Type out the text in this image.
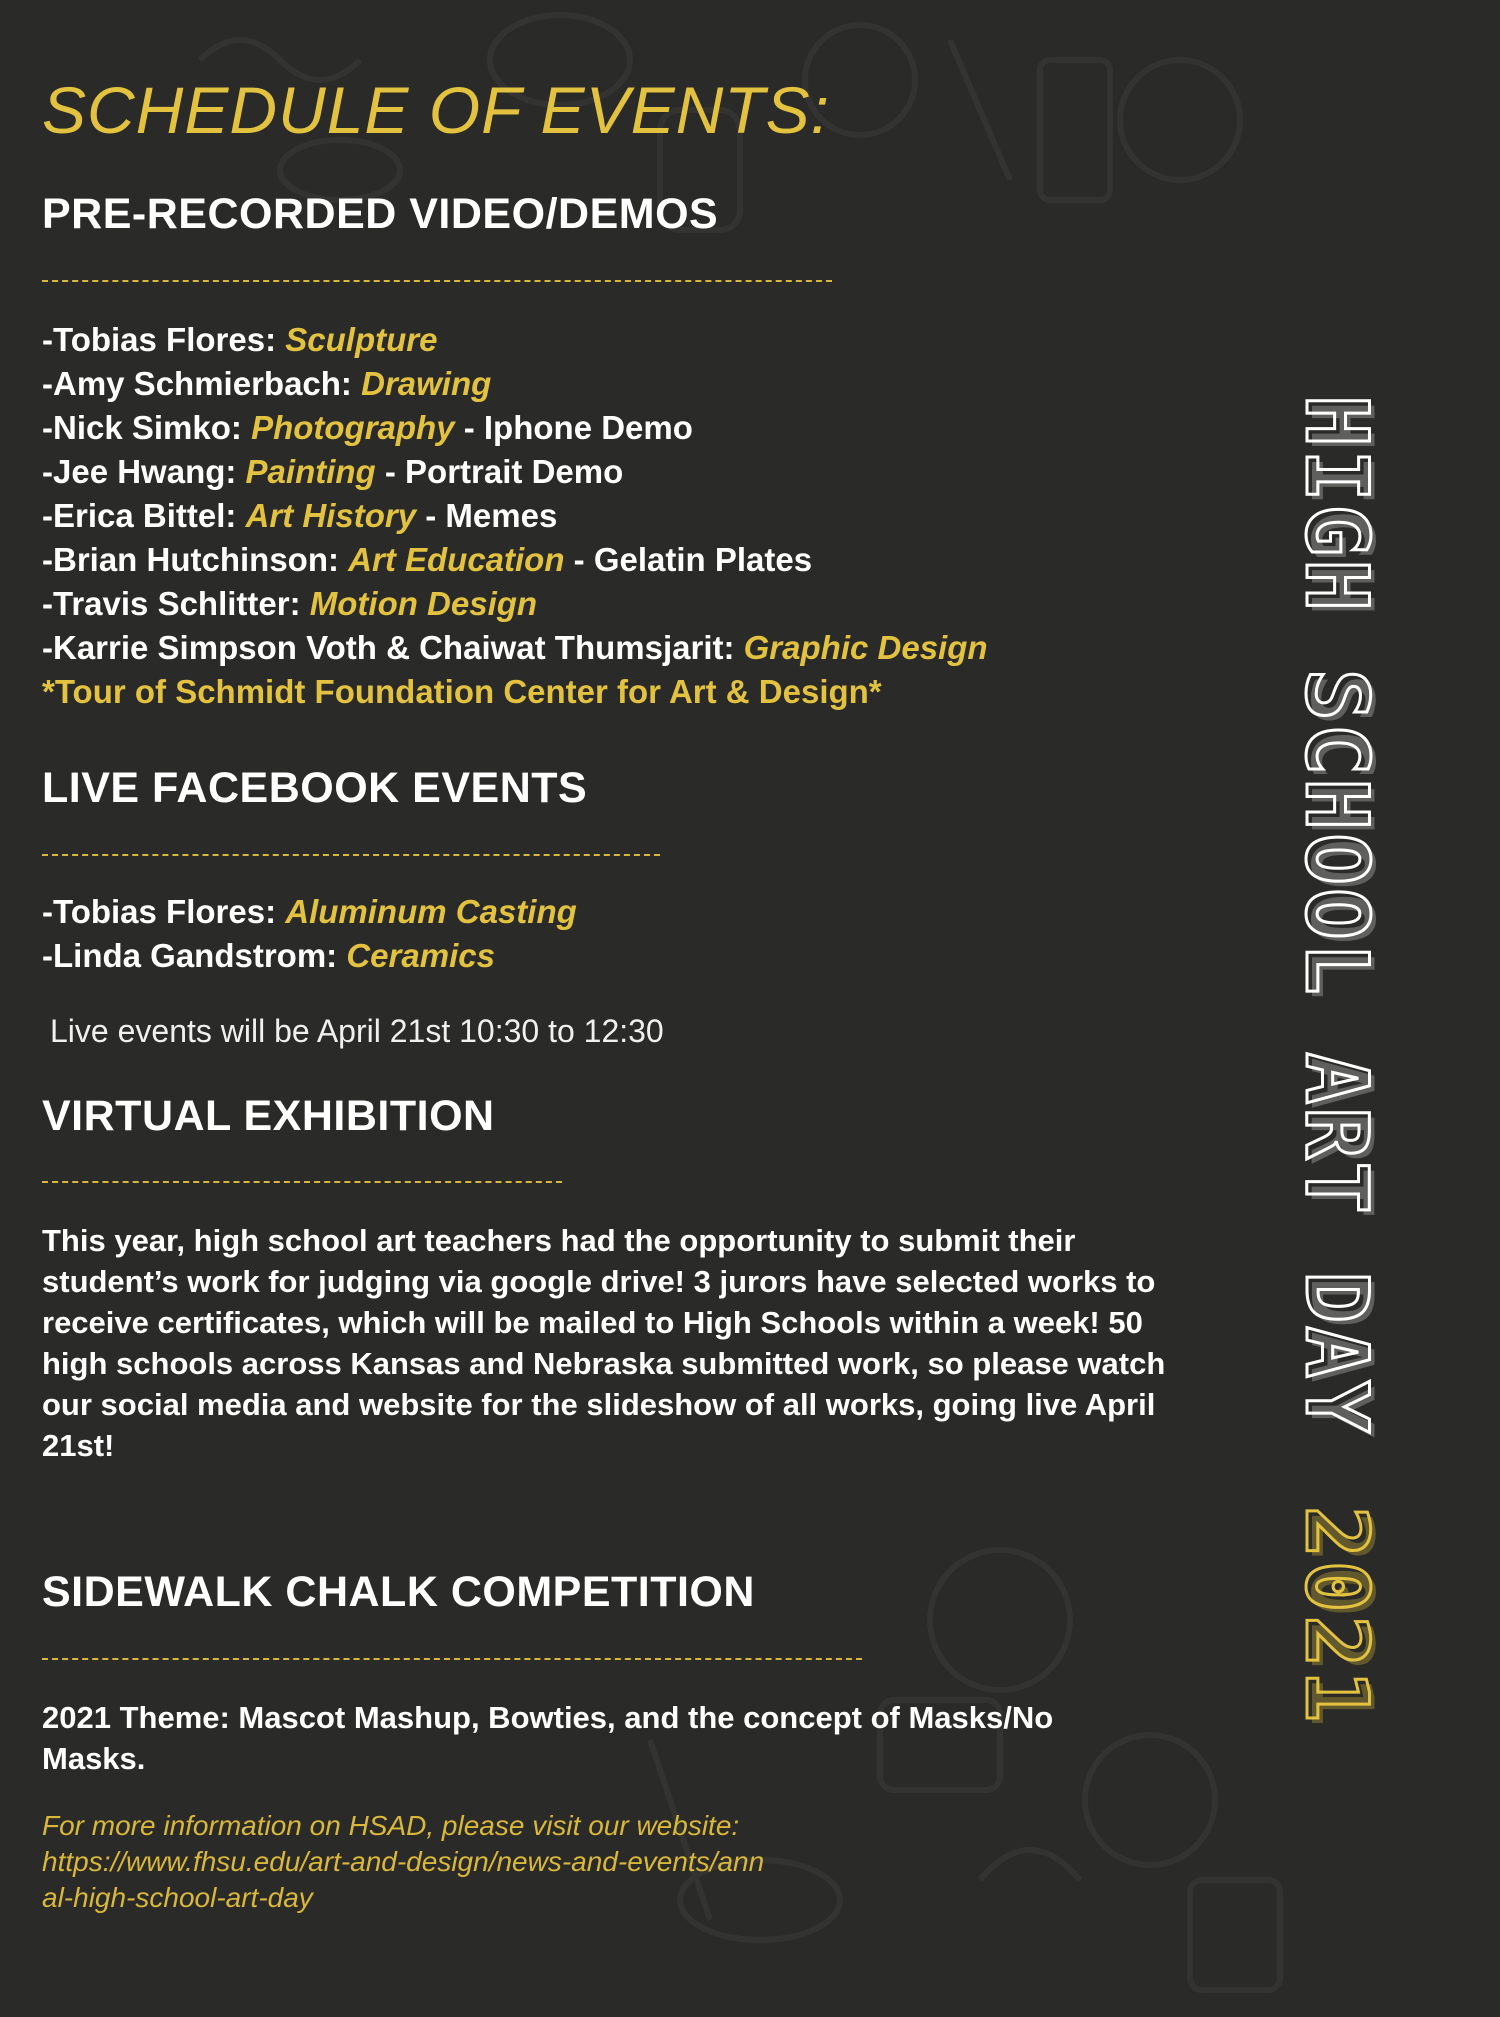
SCHEDULE OF EVENTS:
PRE-RECORDED VIDEO/DEMOS
-Tobias Flores: Sculpture
-Amy Schmierbach: Drawing
-Nick Simko: Photography - Iphone Demo
-Jee Hwang: Painting - Portrait Demo
-Erica Bittel: Art History - Memes
-Brian Hutchinson: Art Education - Gelatin Plates
-Travis Schlitter: Motion Design
-Karrie Simpson Voth & Chaiwat Thumsjarit: Graphic Design
*Tour of Schmidt Foundation Center for Art & Design*
LIVE FACEBOOK EVENTS
-Tobias Flores: Aluminum Casting
-Linda Gandstrom: Ceramics
Live events will be April 21st 10:30 to 12:30
VIRTUAL EXHIBITION
This year, high school art teachers had the opportunity to submit their student’s work for judging via google drive! 3 jurors have selected works to receive certificates, which will be mailed to High Schools within a week! 50 high schools across Kansas and Nebraska submitted work, so please watch our social media and website for the slideshow of all works, going live April 21st!
SIDEWALK CHALK COMPETITION
2021 Theme: Mascot Mashup, Bowties, and the concept of Masks/No Masks.
For more information on HSAD, please visit our website:
https://www.fhsu.edu/art-and-design/news-and-events/ann
al-high-school-art-day
HIGH SCHOOL ART DAY2021
